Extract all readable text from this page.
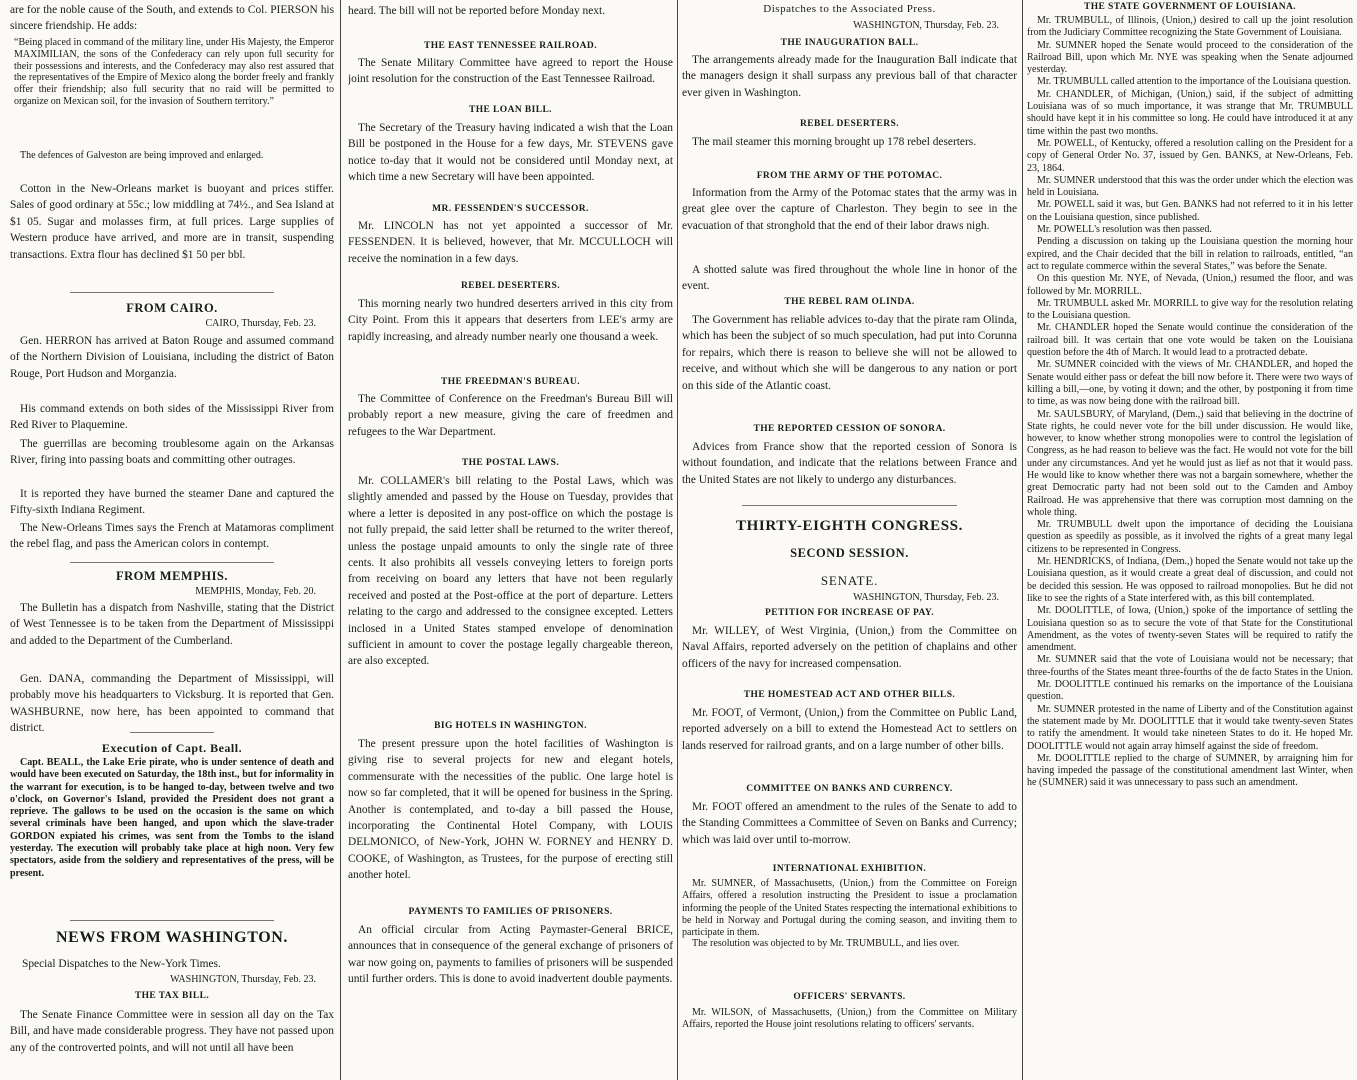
are for the noble cause of the South, and extends to Col. PIERSON his sincere friendship. He adds:

“Being placed in command of the military line, under His Majesty, the Emperor MAXIMILIAN, the sons of the Confederacy can rely upon full security for their possessions and interests, and the Confederacy may also rest assured that the representatives of the Empire of Mexico along the border freely and frankly offer their friendship; also full security that no raid will be permitted to organize on Mexican soil, for the invasion of Southern territory.”

The defences of Galveston are being improved and enlarged.

Cotton in the New-Orleans market is buoyant and prices stiffer. Sales of good ordinary at 55c.; low middling at 74½., and Sea Island at $1 05. Sugar and molasses firm, at full prices. Large supplies of Western produce have arrived, and more are in transit, suspending transactions. Extra flour has declined $1 50 per bbl.

FROM CAIRO.
CAIRO, Thursday, Feb. 23.

Gen. HERRON has arrived at Baton Rouge and assumed command of the Northern Division of Louisiana, including the district of Baton Rouge, Port Hudson and Morganzia.

His command extends on both sides of the Mississippi River from Red River to Plaquemine.

The guerrillas are becoming troublesome again on the Arkansas River, firing into passing boats and committing other outrages.

It is reported they have burned the steamer Dane and captured the Fifty-sixth Indiana Regiment.

The New-Orleans Times says the French at Matamoras compliment the rebel flag, and pass the American colors in contempt.

FROM MEMPHIS.
MEMPHIS, Monday, Feb. 20.

The Bulletin has a dispatch from Nashville, stating that the District of West Tennessee is to be taken from the Department of Mississippi and added to the Department of the Cumberland.

Gen. DANA, commanding the Department of Mississippi, will probably move his headquarters to Vicksburg. It is reported that Gen. WASHBURNE, now here, has been appointed to command that district.

Execution of Capt. Beall.

Capt. BEALL, the Lake Erie pirate, who is under sentence of death and would have been executed on Saturday, the 18th inst., but for informality in the warrant for execution, is to be hanged to-day, between twelve and two o'clock, on Governor's Island, provided the President does not grant a reprieve. The gallows to be used on the occasion is the same on which several criminals have been hanged, and upon which the slave-trader GORDON expiated his crimes, was sent from the Tombs to the island yesterday. The execution will probably take place at high noon. Very few spectators, aside from the soldiery and representatives of the press, will be present.

NEWS FROM WASHINGTON.
Special Dispatches to the New-York Times.
WASHINGTON, Thursday, Feb. 23.
THE TAX BILL.

The Senate Finance Committee were in session all day on the Tax Bill, and have made considerable progress. They have not passed upon any of the controverted points, and will not until all have been

heard. The bill will not be reported before Monday next.

THE EAST TENNESSEE RAILROAD.

The Senate Military Committee have agreed to report the House joint resolution for the construction of the East Tennessee Railroad.

THE LOAN BILL.

The Secretary of the Treasury having indicated a wish that the Loan Bill be postponed in the House for a few days, Mr. STEVENS gave notice to-day that it would not be considered until Monday next, at which time a new Secretary will have been appointed.

MR. FESSENDEN'S SUCCESSOR.

Mr. LINCOLN has not yet appointed a successor of Mr. FESSENDEN. It is believed, however, that Mr. MCCULLOCH will receive the nomination in a few days.

REBEL DESERTERS.

This morning nearly two hundred deserters arrived in this city from City Point. From this it appears that deserters from LEE's army are rapidly increasing, and already number nearly one thousand a week.

THE FREEDMAN'S BUREAU.

The Committee of Conference on the Freedman's Bureau Bill will probably report a new measure, giving the care of freedmen and refugees to the War Department.

THE POSTAL LAWS.

Mr. COLLAMER's bill relating to the Postal Laws, which was slightly amended and passed by the House on Tuesday, provides that where a letter is deposited in any post-office on which the postage is not fully prepaid, the said letter shall be returned to the writer thereof, unless the postage unpaid amounts to only the single rate of three cents. It also prohibits all vessels conveying letters to foreign ports from receiving on board any letters that have not been regularly received and posted at the Post-office at the port of departure. Letters relating to the cargo and addressed to the consignee excepted. Letters inclosed in a United States stamped envelope of denomination sufficient in amount to cover the postage legally chargeable thereon, are also excepted.

BIG HOTELS IN WASHINGTON.

The present pressure upon the hotel facilities of Washington is giving rise to several projects for new and elegant hotels, commensurate with the necessities of the public. One large hotel is now so far completed, that it will be opened for business in the Spring. Another is contemplated, and to-day a bill passed the House, incorporating the Continental Hotel Company, with LOUIS DELMONICO, of New-York, JOHN W. FORNEY and HENRY D. COOKE, of Washington, as Trustees, for the purpose of erecting still another hotel.

PAYMENTS TO FAMILIES OF PRISONERS.

An official circular from Acting Paymaster-General BRICE, announces that in consequence of the general exchange of prisoners of war now going on, payments to families of prisoners will be suspended until further orders. This is done to avoid inadvertent double payments.

Dispatches to the Associated Press.
WASHINGTON, Thursday, Feb. 23.
THE INAUGURATION BALL.

The arrangements already made for the Inauguration Ball indicate that the managers design it shall surpass any previous ball of that character ever given in Washington.

REBEL DESERTERS.

The mail steamer this morning brought up 178 rebel deserters.

FROM THE ARMY OF THE POTOMAC.

Information from the Army of the Potomac states that the army was in great glee over the capture of Charleston. They begin to see in the evacuation of that stronghold that the end of their labor draws nigh.

A shotted salute was fired throughout the whole line in honor of the event.

THE REBEL RAM OLINDA.

The Government has reliable advices to-day that the pirate ram Olinda, which has been the subject of so much speculation, had put into Corunna for repairs, which there is reason to believe she will not be allowed to receive, and without which she will be dangerous to any nation or port on this side of the Atlantic coast.

THE REPORTED CESSION OF SONORA.

Advices from France show that the reported cession of Sonora is without foundation, and indicate that the relations between France and the United States are not likely to undergo any disturbances.

THIRTY-EIGHTH CONGRESS.
SECOND SESSION.
SENATE.
WASHINGTON, Thursday, Feb. 23.
PETITION FOR INCREASE OF PAY.

Mr. WILLEY, of West Virginia, (Union,) from the Committee on Naval Affairs, reported adversely on the petition of chaplains and other officers of the navy for increased compensation.

THE HOMESTEAD ACT AND OTHER BILLS.

Mr. FOOT, of Vermont, (Union,) from the Committee on Public Land, reported adversely on a bill to extend the Homestead Act to settlers on lands reserved for railroad grants, and on a large number of other bills.

COMMITTEE ON BANKS AND CURRENCY.

Mr. FOOT offered an amendment to the rules of the Senate to add to the Standing Committees a Committee of Seven on Banks and Currency; which was laid over until to-morrow.

INTERNATIONAL EXHIBITION.

Mr. SUMNER, of Massachusetts, (Union,) from the Committee on Foreign Affairs, offered a resolution instructing the President to issue a proclamation informing the people of the United States respecting the international exhibitions to be held in Norway and Portugal during the coming season, and inviting them to participate in them.

The resolution was objected to by Mr. TRUMBULL, and lies over.

OFFICERS' SERVANTS.

Mr. WILSON, of Massachusetts, (Union,) from the Committee on Military Affairs, reported the House joint resolutions relating to officers' servants.

THE STATE GOVERNMENT OF LOUISIANA.

Mr. TRUMBULL, of Illinois, (Union,) desired to call up the joint resolution from the Judiciary Committee recognizing the State Government of Louisiana.

Mr. SUMNER hoped the Senate would proceed to the consideration of the Railroad Bill, upon which Mr. NYE was speaking when the Senate adjourned yesterday.

Mr. TRUMBULL called attention to the importance of the Louisiana question.

Mr. CHANDLER, of Michigan, (Union,) said, if the subject of admitting Louisiana was of so much importance, it was strange that Mr. TRUMBULL should have kept it in his committee so long. He could have introduced it at any time within the past two months.

Mr. POWELL, of Kentucky, offered a resolution calling on the President for a copy of General Order No. 37, issued by Gen. BANKS, at New-Orleans, Feb. 23, 1864.

Mr. SUMNER understood that this was the order under which the election was held in Louisiana.

Mr. POWELL said it was, but Gen. BANKS had not referred to it in his letter on the Louisiana question, since published.

Mr. POWELL's resolution was then passed.

Pending a discussion on taking up the Louisiana question the morning hour expired, and the Chair decided that the bill in relation to railroads, entitled, “an act to regulate commerce within the several States,” was before the Senate.

On this question Mr. NYE, of Nevada, (Union,) resumed the floor, and was followed by Mr. MORRILL.

Mr. TRUMBULL asked Mr. MORRILL to give way for the resolution relating to the Louisiana question.

Mr. CHANDLER hoped the Senate would continue the consideration of the railroad bill. It was certain that one vote would be taken on the Louisiana question before the 4th of March. It would lead to a protracted debate.

Mr. SUMNER coincided with the views of Mr. CHANDLER, and hoped the Senate would either pass or defeat the bill now before it. There were two ways of killing a bill,—one, by voting it down; and the other, by postponing it from time to time, as was now being done with the railroad bill.

Mr. SAULSBURY, of Maryland, (Dem.,) said that believing in the doctrine of State rights, he could never vote for the bill under discussion. He would like, however, to know whether strong monopolies were to control the legislation of Congress, as he had reason to believe was the fact. He would not vote for the bill under any circumstances. And yet he would just as lief as not that it would pass. He would like to know whether there was not a bargain somewhere, whether the great Democratic party had not been sold out to the Camden and Amboy Railroad. He was apprehensive that there was corruption most damning on the whole thing.

Mr. TRUMBULL dwelt upon the importance of deciding the Louisiana question as speedily as possible, as it involved the rights of a great many legal citizens to be represented in Congress.

Mr. HENDRICKS, of Indiana, (Dem.,) hoped the Senate would not take up the Louisiana question, as it would create a great deal of discussion, and could not be decided this session. He was opposed to railroad monopolies. But he did not like to see the rights of a State interfered with, as this bill contemplated.

Mr. DOOLITTLE, of Iowa, (Union,) spoke of the importance of settling the Louisiana question so as to secure the vote of that State for the Constitutional Amendment, as the votes of twenty-seven States will be required to ratify the amendment.

Mr. SUMNER said that the vote of Louisiana would not be necessary; that three-fourths of the States meant three-fourths of the de facto States in the Union.

Mr. DOOLITTLE continued his remarks on the importance of the Louisiana question.

Mr. SUMNER protested in the name of Liberty and of the Constitution against the statement made by Mr. DOOLITTLE that it would take twenty-seven States to ratify the amendment. It would take nineteen States to do it. He hoped Mr. DOOLITTLE would not again array himself against the side of freedom.

Mr. DOOLITTLE replied to the charge of SUMNER, by arraigning him for having impeded the passage of the constitutional amendment last Winter, when he (SUMNER) said it was unnecessary to pass such an amendment.
